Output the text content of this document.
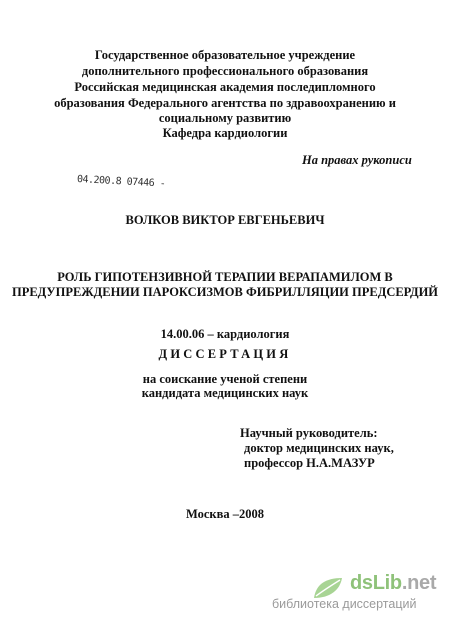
Государственное образовательное учреждение
дополнительного профессионального образования
Российская медицинская академия последипломного
образования Федерального агентства по здравоохранению и
социальному развитию
Кафедра кардиологии
На правах рукописи
04.200.8 07446 -
ВОЛКОВ ВИКТОР ЕВГЕНЬЕВИЧ
РОЛЬ ГИПОТЕНЗИВНОЙ ТЕРАПИИ ВЕРАПАМИЛОМ В
ПРЕДУПРЕЖДЕНИИ ПАРОКСИЗМОВ ФИБРИЛЛЯЦИИ ПРЕДСЕРДИЙ
14.00.06 – кардиология
ДИССЕРТАЦИЯ
на соискание ученой степени
кандидата медицинских наук
Научный руководитель:
доктор медицинских наук,
профессор Н.А.МАЗУР
Москва –2008
dsLib.net
библиотека диссертаций
